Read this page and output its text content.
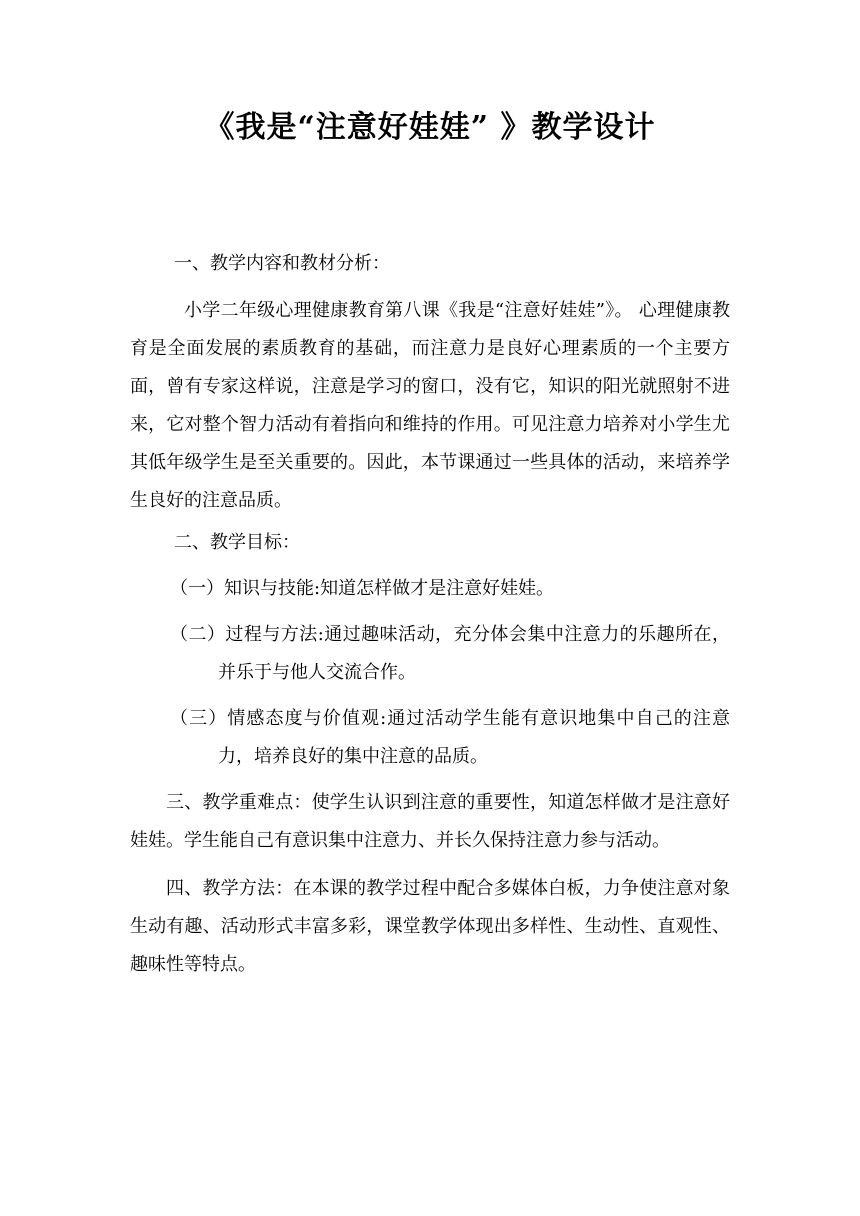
《我是“注意好娃娃” 》教学设计

一、教学内容和教材分析：

小学二年级心理健康教育第八课《我是“注意好娃娃”》。 心理健康教育是全面发展的素质教育的基础，而注意力是良好心理素质的一个主要方面，曾有专家这样说，注意是学习的窗口，没有它，知识的阳光就照射不进来，它对整个智力活动有着指向和维持的作用。可见注意力培养对小学生尤其低年级学生是至关重要的。因此，本节课通过一些具体的活动，来培养学生良好的注意品质。

二、教学目标：

（一）知识与技能:知道怎样做才是注意好娃娃。

（二）过程与方法:通过趣味活动，充分体会集中注意力的乐趣所在，并乐于与他人交流合作。

（三）情感态度与价值观:通过活动学生能有意识地集中自己的注意力，培养良好的集中注意的品质。

三、教学重难点：使学生认识到注意的重要性，知道怎样做才是注意好娃娃。学生能自己有意识集中注意力、并长久保持注意力参与活动。

四、教学方法：在本课的教学过程中配合多媒体白板，力争使注意对象生动有趣、活动形式丰富多彩，课堂教学体现出多样性、生动性、直观性、趣味性等特点。
